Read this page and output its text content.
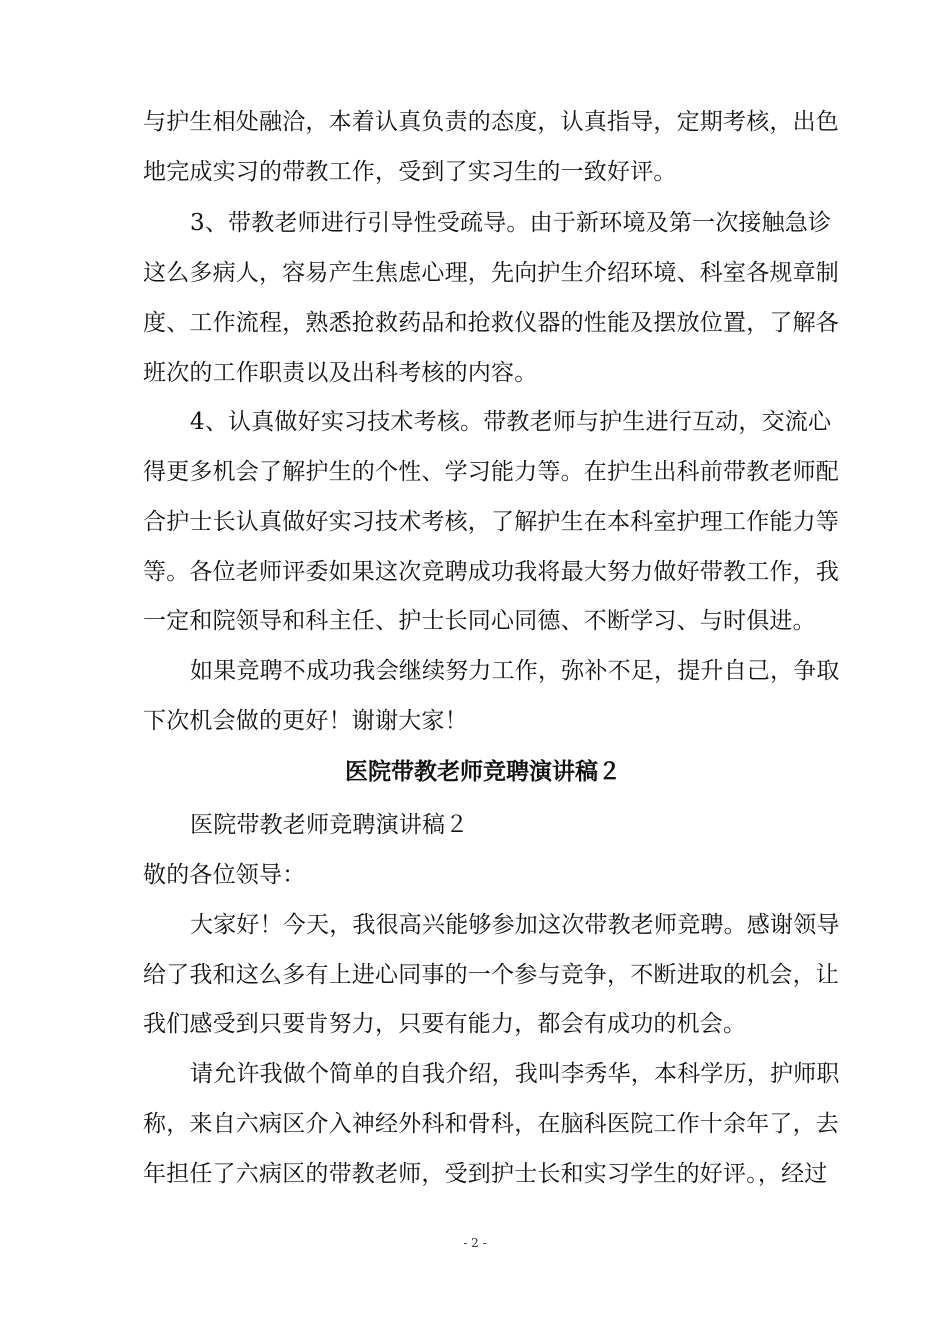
与护生相处融洽，本着认真负责的态度，认真指导，定期考核，出色
地完成实习的带教工作，受到了实习生的一致好评。
3、带教老师进行引导性受疏导。由于新环境及第一次接触急诊
这么多病人，容易产生焦虑心理，先向护生介绍环境、科室各规章制
度、工作流程，熟悉抢救药品和抢救仪器的性能及摆放位置，了解各
班次的工作职责以及出科考核的内容。
4、认真做好实习技术考核。带教老师与护生进行互动，交流心
得更多机会了解护生的个性、学习能力等。在护生出科前带教老师配
合护士长认真做好实习技术考核，了解护生在本科室护理工作能力等
等。各位老师评委如果这次竞聘成功我将最大努力做好带教工作，我
一定和院领导和科主任、护士长同心同德、不断学习、与时俱进。
如果竞聘不成功我会继续努力工作，弥补不足，提升自己，争取
下次机会做的更好！谢谢大家！
医院带教老师竞聘演讲稿２
医院带教老师竞聘演讲稿２
敬的各位领导：
大家好！今天，我很高兴能够参加这次带教老师竞聘。感谢领导
给了我和这么多有上进心同事的一个参与竞争，不断进取的机会，让
我们感受到只要肯努力，只要有能力，都会有成功的机会。
请允许我做个简单的自我介绍，我叫李秀华，本科学历，护师职
称，来自六病区介入神经外科和骨科，在脑科医院工作十余年了，去
年担任了六病区的带教老师，受到护士长和实习学生的好评。，经过
- 2 -
